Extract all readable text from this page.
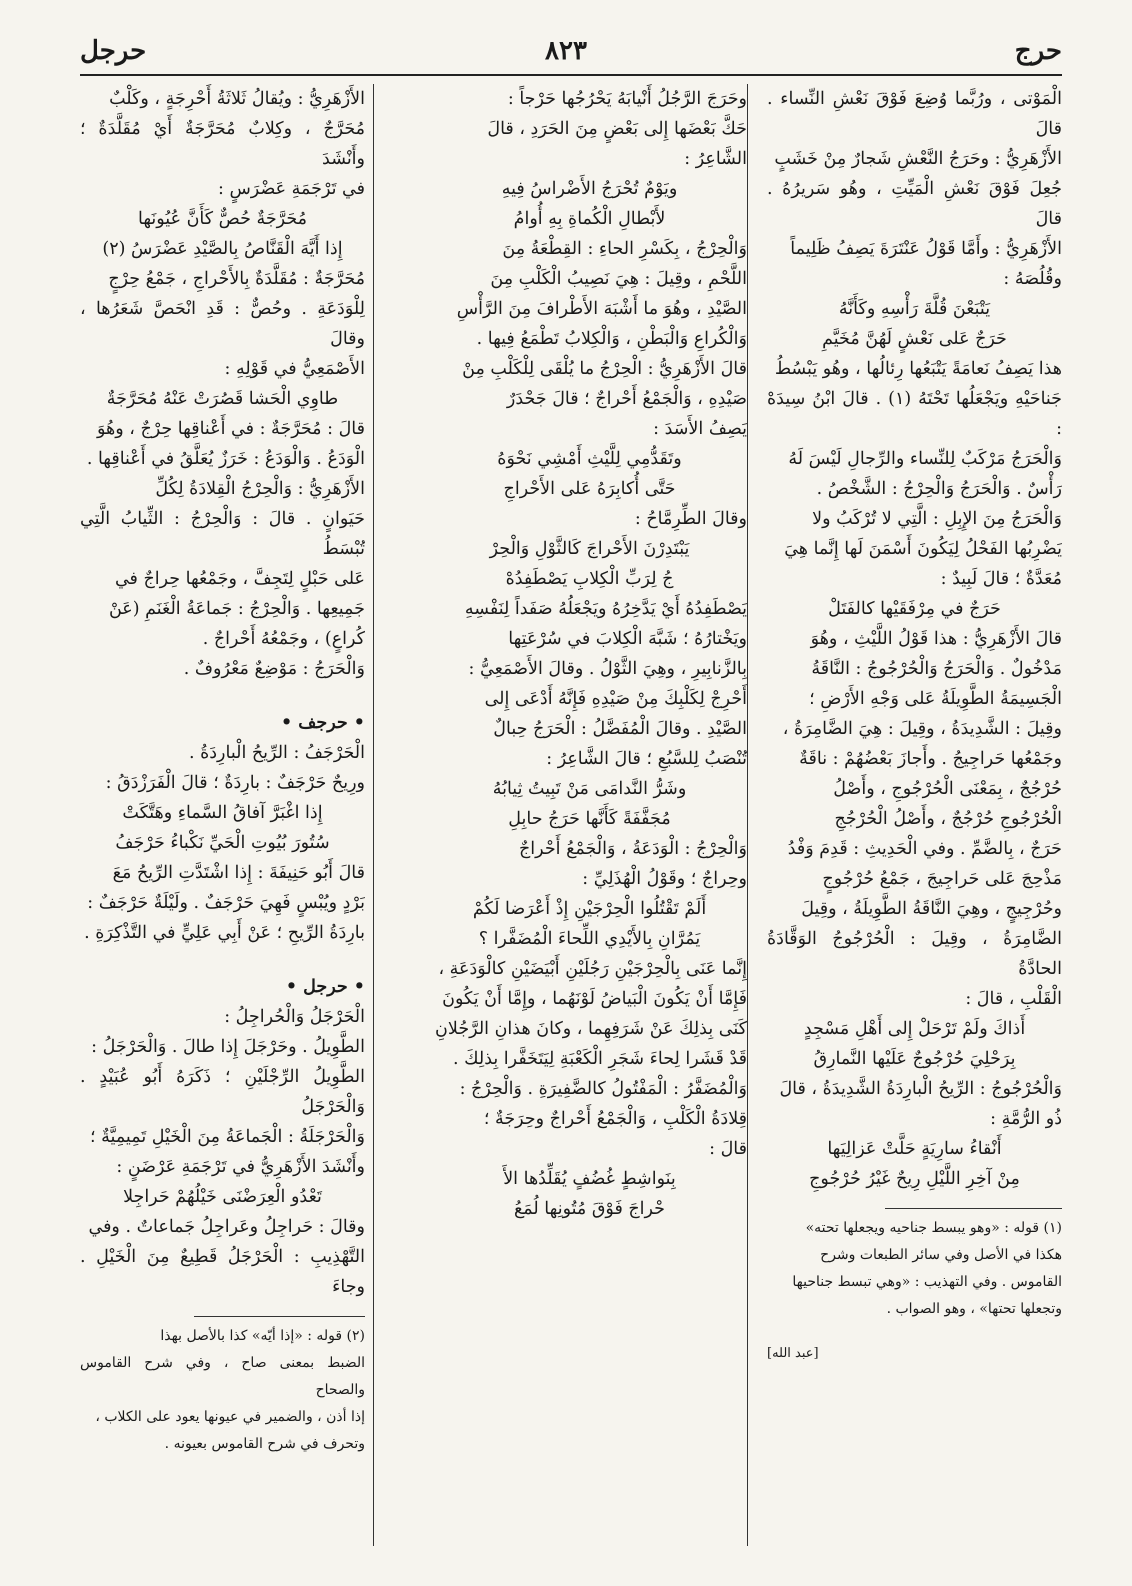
حرج
٨٢٣
حرجل

الْمَوْتى ، ورُبَّما وُضِعَ فَوْقَ نَعْشِ النِّساء . قالَ

الأَزْهَرِيُّ : وحَرَجُ النَّعْشِ شَجارٌ مِنْ خَشَبٍ

جُعِلَ فَوْقَ نَعْشِ الْمَيِّتِ ، وهُو سَريرُهُ . قالَ

الأَزْهَرِيُّ : وأَمَّا قَوْلُ عَنْتَرَةَ يَصِفُ ظَلِيماً

وقُلُصَهُ :

يَتْبَعْنَ قُلَّةَ رَأْسِهِ وكَأَنَّهُ
حَرَجٌ عَلى نَعْشٍ لَهُنَّ مُخَيَّمِ

هذا يَصِفُ نَعامَةً يَتْبَعُها رِئالُها ، وهُو يَبْسُطُ

جَناحَيْهِ ويَجْعَلُها تَحْتَهُ (١) . قالَ ابْنُ سِيدَهْ :

وَالْحَرَجُ مَرْكَبٌ لِلنِّساء والرِّجالِ لَيْسَ لَهُ

رَأْسٌ . وَالْحَرَجُ وَالْحِرْجُ : الشَّخْصُ .

وَالْحَرَجُ مِنَ الإِبِلِ : الَّتِي لا تُرْكَبُ ولا

يَضْرِبُها الفَحْلُ لِيَكُونَ أَسْمَنَ لَها إِنَّما هِيَ

مُعَدَّةٌ ؛ قالَ لَبِيدٌ :

حَرَجٌ في مِرْفَقَيْها كالفَتَلْ

قالَ الأَزْهَرِيُّ : هذا قَوْلُ اللَّيْثِ ، وهُوَ

مَدْخُولٌ . وَالْحَرَجُ وَالْحُرْجُوجُ : النَّاقَةُ

الْجَسِيمَةُ الطَّوِيلَةُ عَلى وَجْهِ الأَرْضِ ؛

وقِيلَ : الشَّدِيدَةُ ، وقِيلَ : هِيَ الضَّامِرَةُ ،

وجَمْعُها حَراجِيجُ . وأَجازَ بَعْضُهُمْ : ناقَةٌ

حُرْجُجٌ ، بِمَعْنَى الْحُرْجُوجِ ، وأَصْلُ

الْحُرْجُوجِ حُرْجُجٌ ، وأَصْلُ الْحُرْجُجِ

حَرَجٌ ، بِالضَّمِّ . وفي الْحَدِيثِ : قَدِمَ وَفْدُ

مَذْحِجَ عَلى حَراجِيجَ ، جَمْعُ حُرْجُوجٍ

وحُرْجِيجٍ ، وهِيَ النَّاقَةُ الطَّوِيلَةُ ، وقِيلَ

الضَّامِرَةُ ، وقِيلَ : الْحُرْجُوجُ الوَقَّادَةُ الحادَّةُ

الْقَلْبِ ، قالَ :

أَذاكَ ولَمْ تَرْحَلْ إِلى أَهْلِ مَسْجِدٍ
بِرَحْلِيَ حُرْجُوجٌ عَلَيْها النَّمارِقُ

وَالْحُرْجُوجُ : الرِّيحُ الْبارِدَةُ الشَّدِيدَةُ ، قالَ

ذُو الرُّمَّةِ :

أَنْقاءُ سارِيَةٍ حَلَّتْ عَزالِيَها
مِنْ آخِرِ اللَّيْلِ رِيحٌ غَيْرُ حُرْجُوجِ

(١) قوله : «وهو يبسط جناحيه ويجعلها تحته»

هكذا في الأصل وفي سائر الطبعات وشرح

القاموس . وفي التهذيب : «وهي تبسط جناحيها

وتجعلها تحتها» ، وهو الصواب .

[عبد الله]

وحَرَجَ الرَّجُلُ أَنْيابَهُ يَحْرُجُها حَرْجاً :

حَكَّ بَعْضَها إِلى بَعْضٍ مِنَ الحَرَدِ ، قالَ

الشَّاعِرُ :

ويَوْمٌ تُحْرَجُ الأَضْراسُ فِيهِ
لأَبْطالِ الْكُماةِ بِهِ أُوامُ

وَالْحِرْجُ ، بِكَسْرِ الحاءِ : القِطْعَةُ مِنَ

اللَّحْمِ ، وقِيلَ : هِيَ نَصِيبُ الْكَلْبِ مِنَ

الصَّيْدِ ، وهُوَ ما أَشْبَهَ الأَطْرافَ مِنَ الرَّأْسِ

وَالْكُراعِ وَالْبَطْنِ ، وَالْكِلابُ تَطْمَعُ فِيها .

قالَ الأَزْهَرِيُّ : الْحِرْجُ ما يُلْقَى لِلْكَلْبِ مِنْ

صَيْدِهِ ، وَالْجَمْعُ أَحْراجٌ ؛ قالَ جَحْدَرٌ

يَصِفُ الأَسَدَ :

وتَقَدُّمِي لِلَّيْثِ أَمْشِي نَحْوَهُ
حَتَّى أُكابِرَهُ عَلى الأَحْراجِ

وقالَ الطِّرِمَّاحُ :

يَبْتَدِرْنَ الأَحْراجَ كَالثَّوْلِ وَالْحِرْ
جُ لِرَبِّ الْكِلابِ يَصْطَفِدُهْ

يَصْطَفِدُهُ أَيْ يَدَّخِرُهُ ويَجْعَلُهُ صَفَداً لِنَفْسِهِ

ويَخْتارُهُ ؛ شَبَّهَ الْكِلابَ في سُرْعَتِها

بِالزَّنابِيرِ ، وهِيَ الثَّوْلُ . وقالَ الأَصْمَعِيُّ :

أَحْرِجْ لِكَلْبِكَ مِنْ صَيْدِهِ فَإِنَّهُ أَدْعَى إِلى

الصَّيْدِ . وقالَ الْمُفَضَّلُ : الْحَرَجُ حِبالٌ

تُنْصَبُ لِلسَّبُعِ ؛ قالَ الشَّاعِرُ :

وشَرُّ النَّدامَى مَنْ تَبِيتُ ثِيابُهُ
مُجَفَّفَةً كَأَنَّها حَرَجُ حابِلِ

وَالْحِرْجُ : الْوَدَعَةُ ، وَالْجَمْعُ أَحْراجٌ

وحِراجٌ ؛ وقَوْلُ الْهُذَلِيِّ :

أَلَمْ تَقْتُلُوا الْحِرْجَيْنِ إِذْ أَعْرَضا لَكُمْ
يَمُرَّانِ بِالأَيْدِي اللِّحاءَ الْمُضَفَّرا ؟

إِنَّما عَنَى بِالْحِرْجَيْنِ رَجُلَيْنِ أَبْيَضَيْنِ كالْوَدَعَةِ ،

فَإِمَّا أَنْ يَكُونَ الْبَياضُ لَوْنَهُما ، وإِمَّا أَنْ يَكُونَ

كَنَى بِذلِكَ عَنْ شَرَفِهِما ، وكانَ هذانِ الرَّجُلانِ

قَدْ قَشَرا لِحاءَ شَجَرِ الْكَعْبَةِ لِيَتَخَفَّرا بِذلِكَ .

وَالْمُضَفَّرُ : الْمَفْتُولُ كالضَّفِيرَةِ . وَالْحِرْجُ :

قِلادَةُ الْكَلْبِ ، وَالْجَمْعُ أَحْراجٌ وحِرَجَةٌ ؛

قالَ :

بِنَواشِطٍ غُضُفٍ يُقَلِّدُها الأَ
حْراجَ فَوْقَ مُتُونِها لُمَعُ

الأَزْهَرِيُّ : ويُقالُ ثَلاثَةُ أَحْرِجَةٍ ، وكَلْبٌ

مُحَرَّجٌ ، وكِلابٌ مُحَرَّجَةٌ أَيْ مُقَلَّدَةٌ ؛ وأَنْشَدَ

في تَرْجَمَةِ عَضْرَسٍ :

مُحَرَّجَةٌ حُصٌّ كَأَنَّ عُيُونَها
إِذا أَيَّهَ الْقَنَّاصُ بِالصَّيْدِ عَضْرَسُ (٢)

مُحَرَّجَةٌ : مُقَلَّدَةٌ بِالأَحْراجِ ، جَمْعُ حِرْجٍ

لِلْوَدَعَةِ . وحُصٌّ : قَدِ انْحَصَّ شَعَرُها ، وقالَ

الأَصْمَعِيُّ في قَوْلِهِ :

طاوِي الْحَشا قَصُرَتْ عَنْهُ مُحَرَّجَةٌ

قالَ : مُحَرَّجَةٌ : في أَعْناقِها حِرْجٌ ، وهُوَ

الْوَدَعُ . وَالْوَدَعُ : خَرَزٌ يُعَلَّقُ في أَعْناقِها .

الأَزْهَرِيُّ : وَالْحِرْجُ الْقِلادَةُ لِكُلِّ

حَيَوانٍ . قالَ : وَالْحِرْجُ : الثِّيابُ الَّتِي تُبْسَطُ

عَلى حَبْلٍ لِتَجِفَّ ، وجَمْعُها حِراجٌ في

جَمِيعِها . وَالْحِرْجُ : جَماعَةُ الْغَنَمِ (عَنْ

كُراعٍ) ، وجَمْعُهُ أَحْراجٌ .

وَالْحَرَجُ : مَوْضِعٌ مَعْرُوفٌ .

• حرجف •

الْحَرْجَفُ : الرِّيحُ الْبارِدَةُ .

ورِيحٌ حَرْجَفٌ : بارِدَةٌ ؛ قالَ الْفَرَزْدَقُ :

إِذا اغْبَرَّ آفاقُ السَّماءِ وهَتَّكَتْ
سُتُورَ بُيُوتِ الْحَيِّ نَكْباءُ حَرْجَفُ

قالَ أَبُو حَنِيفَةَ : إِذا اشْتَدَّتِ الرِّيحُ مَعَ

بَرْدٍ ويُبْسٍ فَهِيَ حَرْجَفٌ . ولَيْلَةٌ حَرْجَفٌ :

بارِدَةُ الرِّيحِ ؛ عَنْ أَبِي عَلِيٍّ في التَّذْكِرَةِ .

• حرجل •

الْحَرْجَلُ وَالْحُراجِلُ :

الطَّوِيلُ . وحَرْجَلَ إِذا طالَ . وَالْحَرْجَلُ :

الطَّوِيلُ الرِّجْلَيْنِ ؛ ذَكَرَهُ أَبُو عُبَيْدٍ . وَالْحَرْجَلُ

وَالْحَرْجَلَةُ : الْجَماعَةُ مِنَ الْخَيْلِ تَمِيمِيَّةٌ ؛

وأَنْشَدَ الأَزْهَرِيُّ في تَرْجَمَةِ عَرْضَنٍ :

تَعْدُو الْعِرَضْنَى خَيْلُهُمْ حَراجِلا

وقالَ : حَراجِلُ وعَراجِلُ جَماعاتٌ . وفي

التَّهْذِيبِ : الْحَرْجَلُ قَطِيعٌ مِنَ الْخَيْلِ . وجاءَ

(٢) قوله : «إذا أيّه» كذا بالأصل بهذا

الضبط بمعنى صاح ، وفي شرح القاموس والصحاح

إذا أذن ، والضمير في عيونها يعود على الكلاب ،

وتحرف في شرح القاموس بعيونه .
